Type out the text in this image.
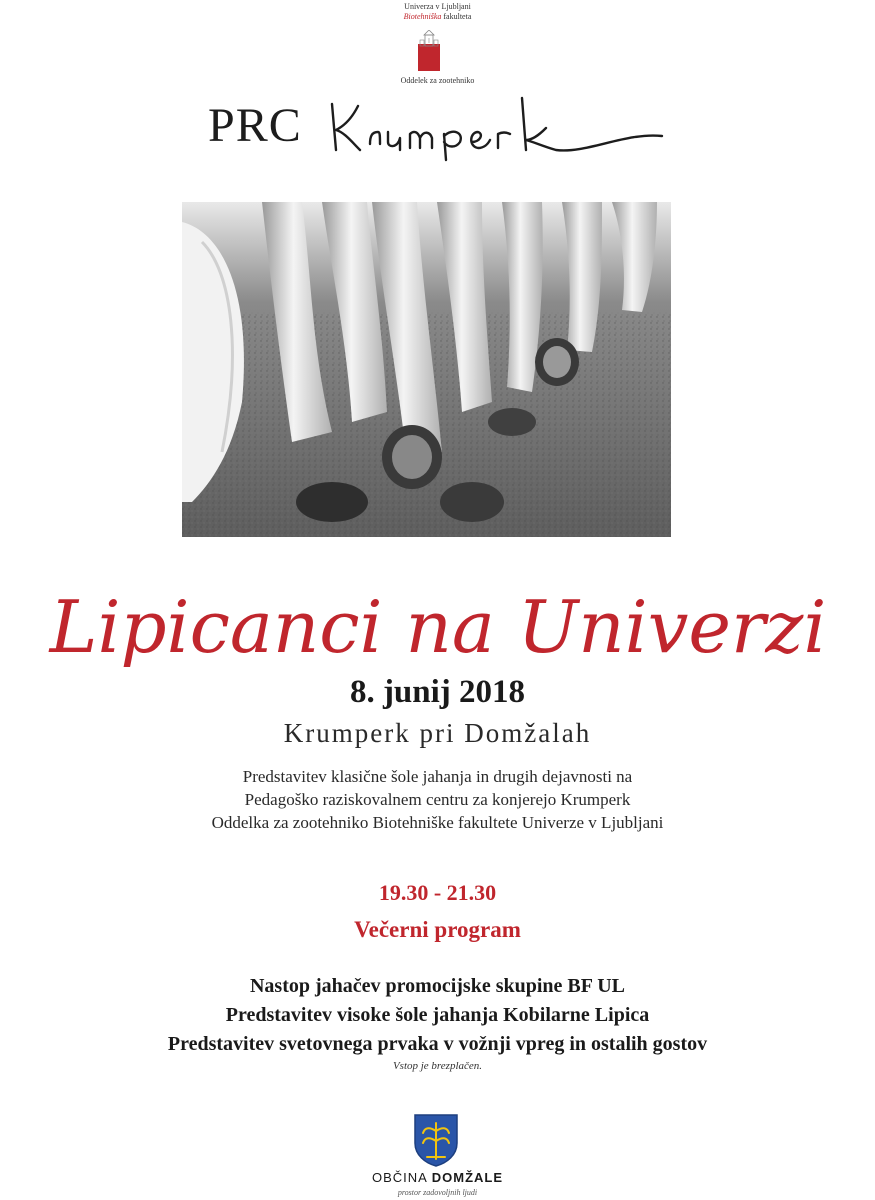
Univerza v Ljubljani
Biotehniška fakulteta
Oddelek za zootehniko
PRC
Lipicanci na Univerzi
8. junij 2018
Krumperk pri Domžalah
Predstavitev klasične šole jahanja in drugih dejavnosti na
Pedagoško raziskovalnem centru za konjerejo Krumperk
Oddelka za zootehniko Biotehniške fakultete Univerze v Ljubljani
19.30 - 21.30
Večerni program
Nastop jahačev promocijske skupine BF UL
Predstavitev visoke šole jahanja Kobilarne Lipica
Predstavitev svetovnega prvaka v vožnji vpreg in ostalih gostov
Vstop je brezplačen.
OBČINA DOMŽALE
prostor zadovoljnih ljudi
